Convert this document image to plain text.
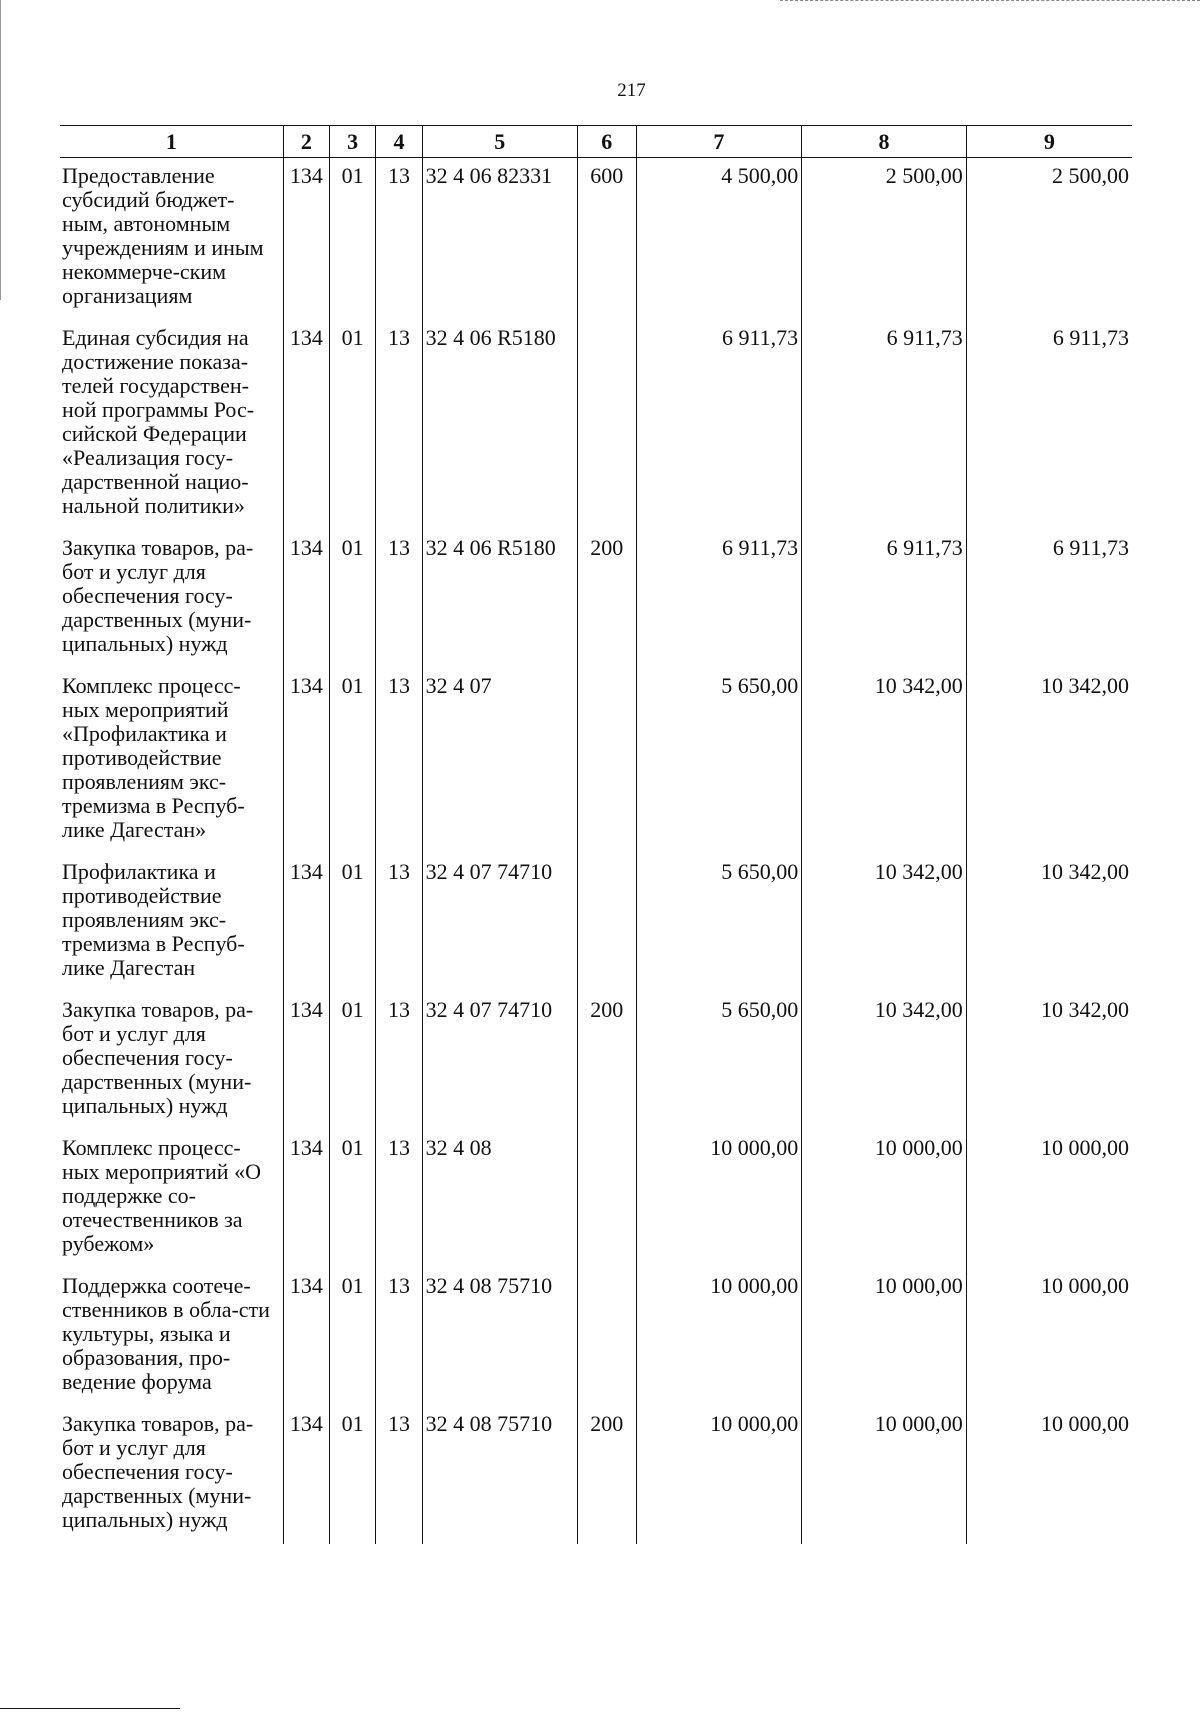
217
1	2	3	4	5	6	7	8	9
Предоставление субсидий бюджет-ным, автономным учреждениям и иным некоммерче-ским организациям	134	01	13	32 4 06 82331	600	4 500,00	2 500,00	2 500,00
Единая субсидия на достижение показа-телей государствен-ной программы Рос-сийской Федерации «Реализация госу-дарственной нацио-нальной политики»	134	01	13	32 4 06 R5180		6 911,73	6 911,73	6 911,73
Закупка товаров, ра-бот и услуг для обеспечения госу-дарственных (муни-ципальных) нужд	134	01	13	32 4 06 R5180	200	6 911,73	6 911,73	6 911,73
Комплекс процесс-ных мероприятий «Профилактика и противодействие проявлениям экс-тремизма в Респуб-лике Дагестан»	134	01	13	32 4 07		5 650,00	10 342,00	10 342,00
Профилактика и противодействие проявлениям экс-тремизма в Респуб-лике Дагестан	134	01	13	32 4 07 74710		5 650,00	10 342,00	10 342,00
Закупка товаров, ра-бот и услуг для обеспечения госу-дарственных (муни-ципальных) нужд	134	01	13	32 4 07 74710	200	5 650,00	10 342,00	10 342,00
Комплекс процесс-ных мероприятий «О поддержке со-отечественников за рубежом»	134	01	13	32 4 08		10 000,00	10 000,00	10 000,00
Поддержка соотече-ственников в обла-сти культуры, языка и образования, про-ведение форума	134	01	13	32 4 08 75710		10 000,00	10 000,00	10 000,00
Закупка товаров, ра-бот и услуг для обеспечения госу-дарственных (муни-ципальных) нужд	134	01	13	32 4 08 75710	200	10 000,00	10 000,00	10 000,00
